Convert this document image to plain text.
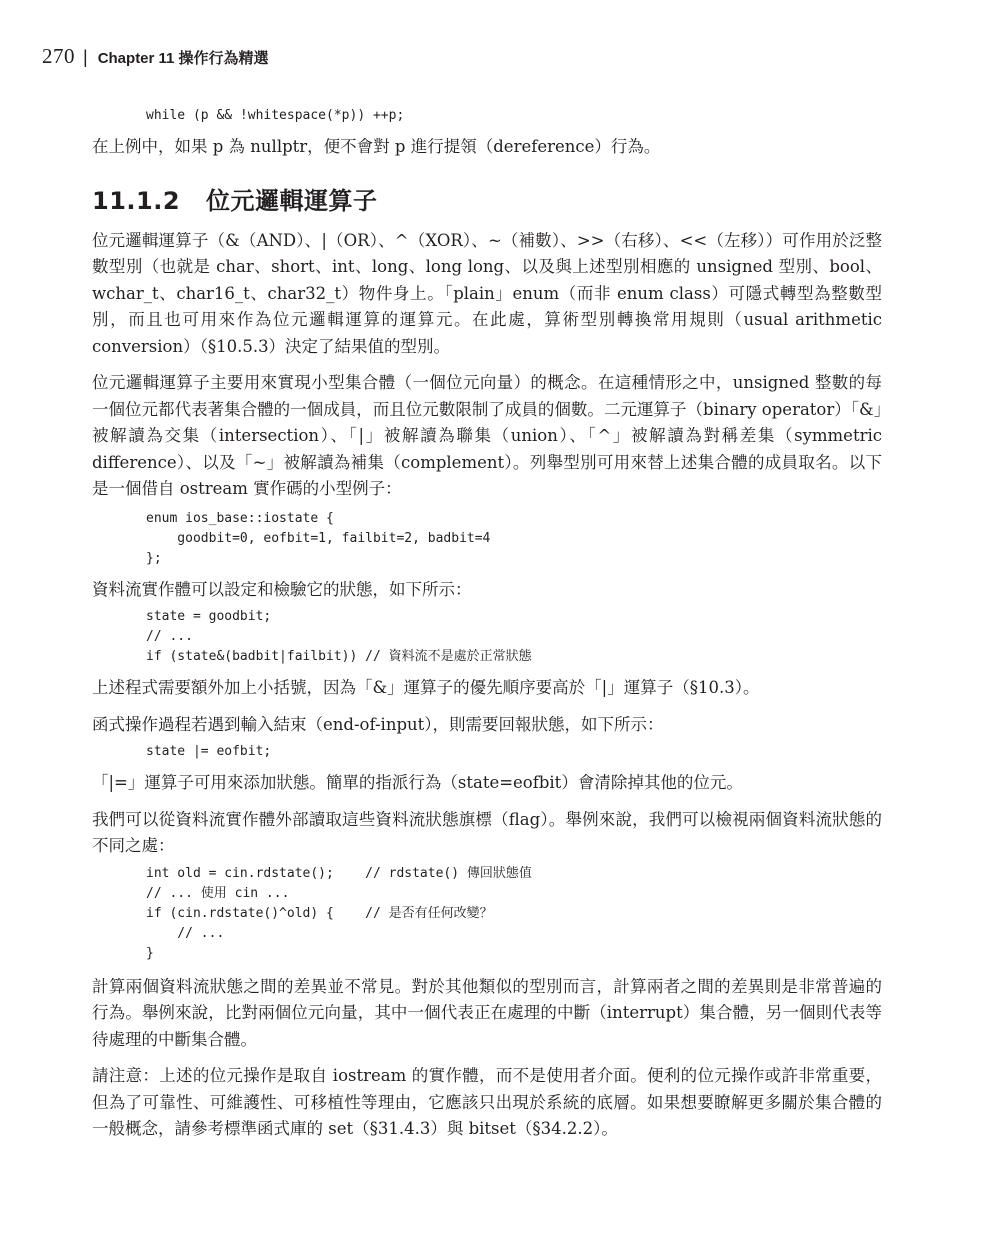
270 | Chapter 11 操作行為精選
while (p && !whitespace(*p)) ++p;

在上例中，如果 p 為 nullptr，便不會對 p 進行提領（dereference）行為。

11.1.2 位元邏輯運算子

位元邏輯運算子（&（AND）、|（OR）、^（XOR）、~（補數）、>>（右移）、<<（左移））可作用於泛整數型別（也就是 char、short、int、long、long long、以及與上述型別相應的 unsigned 型別、bool、wchar_t、char16_t、char32_t）物件身上。「plain」enum（而非 enum class）可隱式轉型為整數型別，而且也可用來作為位元邏輯運算的運算元。在此處，算術型別轉換常用規則（usual arithmetic conversion）（§10.5.3）決定了結果值的型別。

位元邏輯運算子主要用來實現小型集合體（一個位元向量）的概念。在這種情形之中，unsigned 整數的每一個位元都代表著集合體的一個成員，而且位元數限制了成員的個數。二元運算子（binary operator）「&」被解讀為交集（intersection）、「|」被解讀為聯集（union）、「^」被解讀為對稱差集（symmetric difference）、以及「~」被解讀為補集（complement）。列舉型別可用來替上述集合體的成員取名。以下是一個借自 ostream 實作碼的小型例子：

enum ios_base::iostate {
goodbit=0, eofbit=1, failbit=2, badbit=4
};

資料流實作體可以設定和檢驗它的狀態，如下所示：

state = goodbit;
// ...
if (state&(badbit|failbit)) // 資料流不是處於正常狀態

上述程式需要額外加上小括號，因為「&」運算子的優先順序要高於「|」運算子（§10.3）。

函式操作過程若遇到輸入結束（end-of-input），則需要回報狀態，如下所示：

state |= eofbit;

「|=」運算子可用來添加狀態。簡單的指派行為（state=eofbit）會清除掉其他的位元。

我們可以從資料流實作體外部讀取這些資料流狀態旗標（flag）。舉例來說，我們可以檢視兩個資料流狀態的不同之處：

int old = cin.rdstate();    // rdstate() 傳回狀態值
// ... 使用 cin ...
if (cin.rdstate()^old) {    // 是否有任何改變？
// ...
}

計算兩個資料流狀態之間的差異並不常見。對於其他類似的型別而言，計算兩者之間的差異則是非常普遍的行為。舉例來說，比對兩個位元向量，其中一個代表正在處理的中斷（interrupt）集合體，另一個則代表等待處理的中斷集合體。

請注意：上述的位元操作是取自 iostream 的實作體，而不是使用者介面。便利的位元操作或許非常重要，但為了可靠性、可維護性、可移植性等理由，它應該只出現於系統的底層。如果想要瞭解更多關於集合體的一般概念，請參考標準函式庫的 set（§31.4.3）與 bitset（§34.2.2）。
